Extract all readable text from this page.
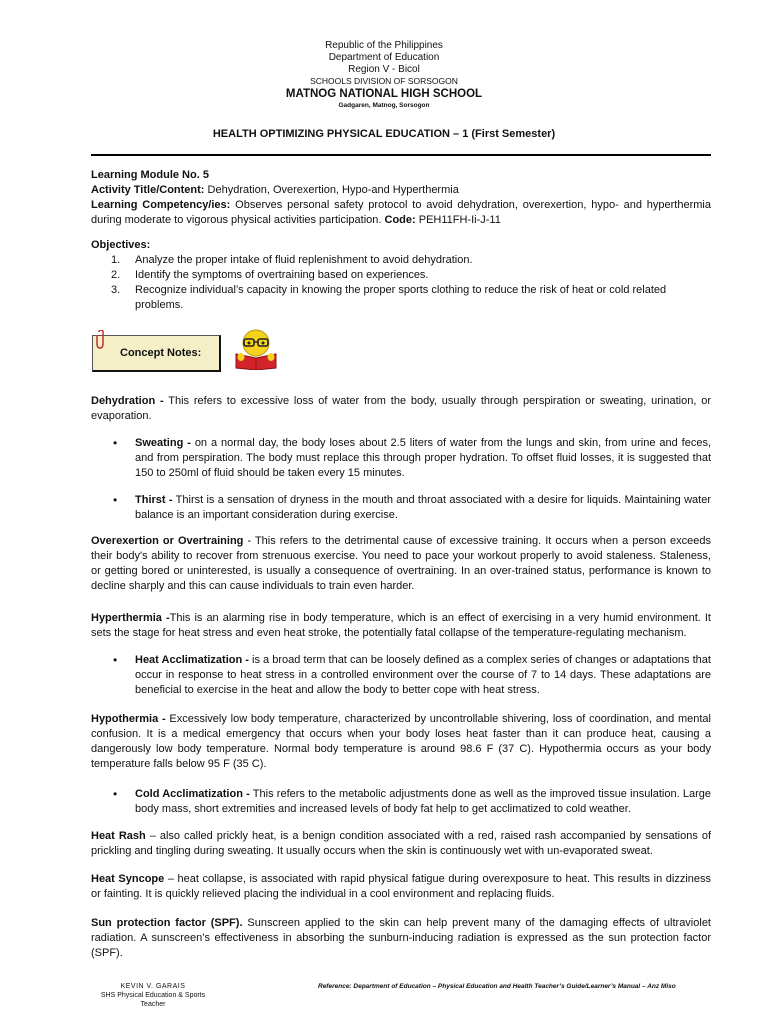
Republic of the Philippines
Department of Education
Region V - Bicol
SCHOOLS DIVISION OF SORSOGON
MATNOG NATIONAL HIGH SCHOOL
Gadgaren, Matnog, Sorsogon
HEALTH OPTIMIZING PHYSICAL EDUCATION – 1 (First Semester)
Learning Module No. 5
Activity Title/Content: Dehydration, Overexertion, Hypo-and Hyperthermia
Learning Competency/ies: Observes personal safety protocol to avoid dehydration, overexertion, hypo- and hyperthermia during moderate to vigorous physical activities participation. Code: PEH11FH-Ii-J-11
Objectives:
1.	Analyze the proper intake of fluid replenishment to avoid dehydration.
2.	Identify the symptoms of overtraining based on experiences.
3.	Recognize individual’s capacity in knowing the proper sports clothing to reduce the risk of heat or cold related problems.
Concept Notes:
Dehydration - This refers to excessive loss of water from the body, usually through perspiration or sweating, urination, or evaporation.
•	Sweating - on a normal day, the body loses about 2.5 liters of water from the lungs and skin, from urine and feces, and from perspiration. The body must replace this through proper hydration. To offset fluid losses, it is suggested that 150 to 250ml of fluid should be taken every 15 minutes.
•	Thirst - Thirst is a sensation of dryness in the mouth and throat associated with a desire for liquids. Maintaining water balance is an important consideration during exercise.
Overexertion or Overtraining - This refers to the detrimental cause of excessive training. It occurs when a person exceeds their body's ability to recover from strenuous exercise. You need to pace your workout properly to avoid staleness. Staleness, or getting bored or uninterested, is usually a consequence of overtraining. In an over-trained status, performance is known to decline sharply and this can cause individuals to train even harder.
Hyperthermia -This is an alarming rise in body temperature, which is an effect of exercising in a very humid environment. It sets the stage for heat stress and even heat stroke, the potentially fatal collapse of the temperature-regulating mechanism.
•	Heat Acclimatization - is a broad term that can be loosely defined as a complex series of changes or adaptations that occur in response to heat stress in a controlled environment over the course of 7 to 14 days. These adaptations are beneficial to exercise in the heat and allow the body to better cope with heat stress.
Hypothermia - Excessively low body temperature, characterized by uncontrollable shivering, loss of coordination, and mental confusion. It is a medical emergency that occurs when your body loses heat faster than it can produce heat, causing a dangerously low body temperature. Normal body temperature is around 98.6 F (37 C). Hypothermia occurs as your body temperature falls below 95 F (35 C).
•	Cold Acclimatization - This refers to the metabolic adjustments done as well as the improved tissue insulation. Large body mass, short extremities and increased levels of body fat help to get acclimatized to cold weather.
Heat Rash – also called prickly heat, is a benign condition associated with a red, raised rash accompanied by sensations of prickling and tingling during sweating. It usually occurs when the skin is continuously wet with un-evaporated sweat.
Heat Syncope – heat collapse, is associated with rapid physical fatigue during overexposure to heat. This results in dizziness or fainting. It is quickly relieved placing the individual in a cool environment and replacing fluids.
Sun protection factor (SPF). Sunscreen applied to the skin can help prevent many of the damaging effects of ultraviolet radiation. A sunscreen’s effectiveness in absorbing the sunburn-inducing radiation is expressed as the sun protection factor (SPF).
KEVIN V. GARAIS
SHS Physical Education & Sports Teacher
Reference: Department of Education – Physical Education and Health Teacher’s Guide/Learner’s Manual – Anz Miso
